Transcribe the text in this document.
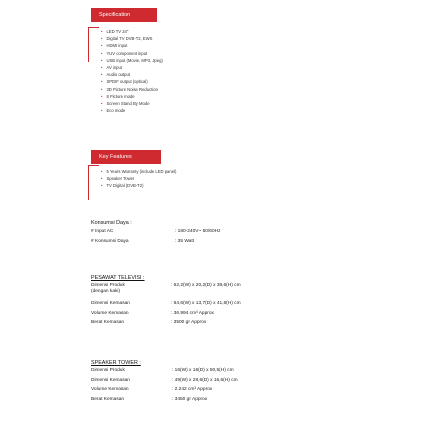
Specification
• LED TV 24"
• Digital TV DVB-T2, EWS
• HDMI input
• YUV component input
• USB input (Movie, MP3, Jpeg)
• AV input
• Audio output
• SPDIF output (optical)
• 3D Picture Noise Reduction
• 8 Picture mode
• Screen Stand By Mode
• Eco mode
Key Features
• 5 Years Warranty (include LED panel)
• Speaker Tower
• TV Digital (DVB-T2)

Konsumsi Daya :

# Input AC	: 180-240V~ 50/60Hz
# Konsumsi Daya	: 35 Watt

PESAWAT TELEVISI :

Dimensi Produk
(dengan kaki)
: 62,2(W) x 20,2(D) x 39,6(H) cm
Dimensi Kemasan	: 64,6(W) x 13,7(D) x 41,8(H) cm
Volume Kemasan	: 36.994 cm³ Approx
Berat Kemasan	: 3500 gr Approx

SPEAKER TOWER :

Dimensi Produk	: 16(W) x 16(D) x 50,5(H) cm
Dimensi Kemasan	: 49(W) x 28,6(D) x 16,6(H) cm
Volume Kemasan	: 2.242 cm³ Approx
Berat Kemasan	: 3450 gr Approx
